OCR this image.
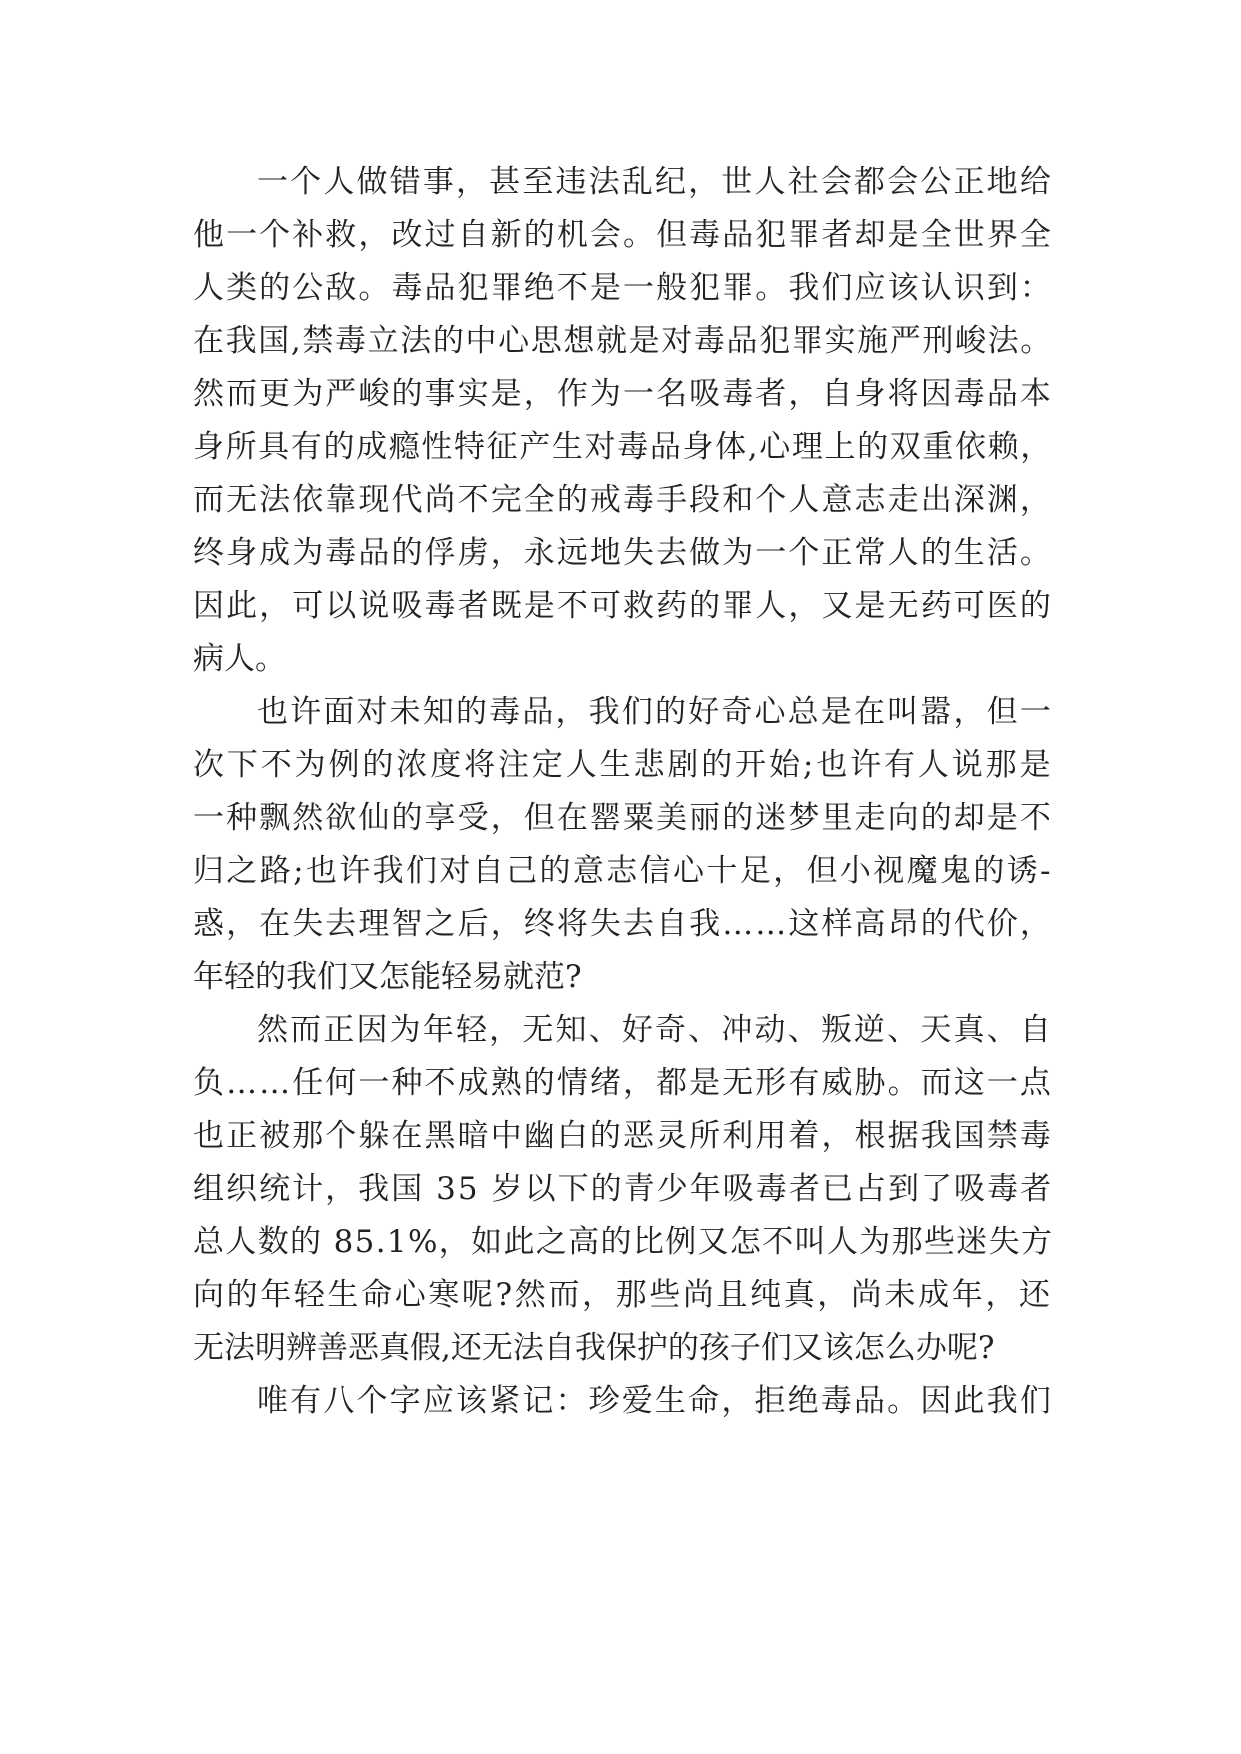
一个人做错事，甚至违法乱纪，世人社会都会公正地给
他一个补救，改过自新的机会。但毒品犯罪者却是全世界全
人类的公敌。毒品犯罪绝不是一般犯罪。我们应该认识到：
在我国,禁毒立法的中心思想就是对毒品犯罪实施严刑峻法。
然而更为严峻的事实是，作为一名吸毒者，自身将因毒品本
身所具有的成瘾性特征产生对毒品身体,心理上的双重依赖，
而无法依靠现代尚不完全的戒毒手段和个人意志走出深渊，
终身成为毒品的俘虏，永远地失去做为一个正常人的生活。
因此，可以说吸毒者既是不可救药的罪人，又是无药可医的
病人。
也许面对未知的毒品，我们的好奇心总是在叫嚣，但一
次下不为例的浓度将注定人生悲剧的开始;也许有人说那是
一种飘然欲仙的享受，但在罂粟美丽的迷梦里走向的却是不
归之路;也许我们对自己的意志信心十足，但小视魔鬼的诱-
惑，在失去理智之后，终将失去自我……这样高昂的代价，
年轻的我们又怎能轻易就范?
然而正因为年轻，无知、好奇、冲动、叛逆、天真、自
负……任何一种不成熟的情绪，都是无形有威胁。而这一点
也正被那个躲在黑暗中幽白的恶灵所利用着，根据我国禁毒
组织统计，我国 35 岁以下的青少年吸毒者已占到了吸毒者
总人数的 85.1%，如此之高的比例又怎不叫人为那些迷失方
向的年轻生命心寒呢?然而，那些尚且纯真，尚未成年，还
无法明辨善恶真假,还无法自我保护的孩子们又该怎么办呢?
唯有八个字应该紧记：珍爱生命，拒绝毒品。因此我们
